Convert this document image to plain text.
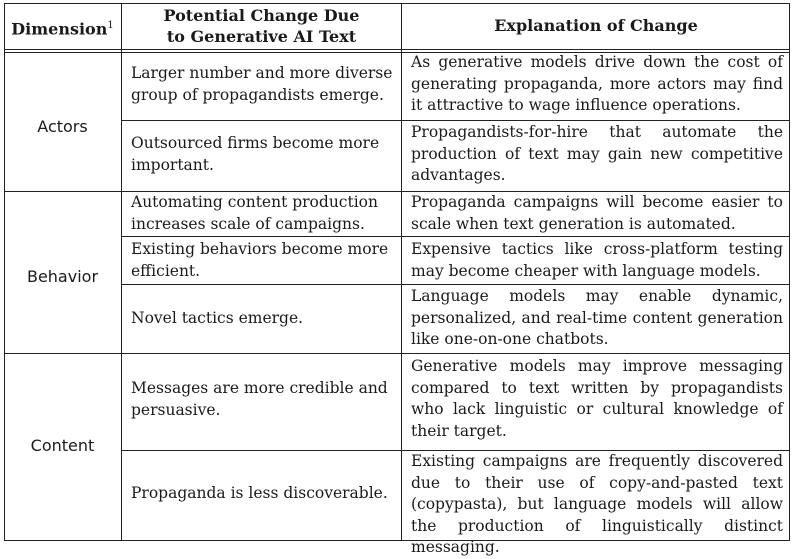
Dimension$^1$
Potential Change Due
to Generative AI Text
Explanation of Change
Actors
Behavior
Content
Larger number and more diverse group of propagandists emerge.
As generative models drive down the cost of generating propaganda, more actors may find it attractive to wage influence operations.
Outsourced firms become more important.
Propagandists-for-hire that automate the production of text may gain new competitive advantages.
Automating content production increases scale of campaigns.
Propaganda campaigns will become easier to scale when text generation is automated.
Existing behaviors become more efficient.
Expensive tactics like cross-platform testing may become cheaper with language models.
Novel tactics emerge.
Language models may enable dynamic, personalized, and real-time content generation like one-on-one chatbots.
Messages are more credible and persuasive.
Generative models may improve messaging compared to text written by propagandists who lack linguistic or cultural knowledge of their target.
Propaganda is less discoverable.
Existing campaigns are frequently discovered due to their use of copy-and-pasted text (copypasta), but language models will allow the production of linguistically distinct messaging.
